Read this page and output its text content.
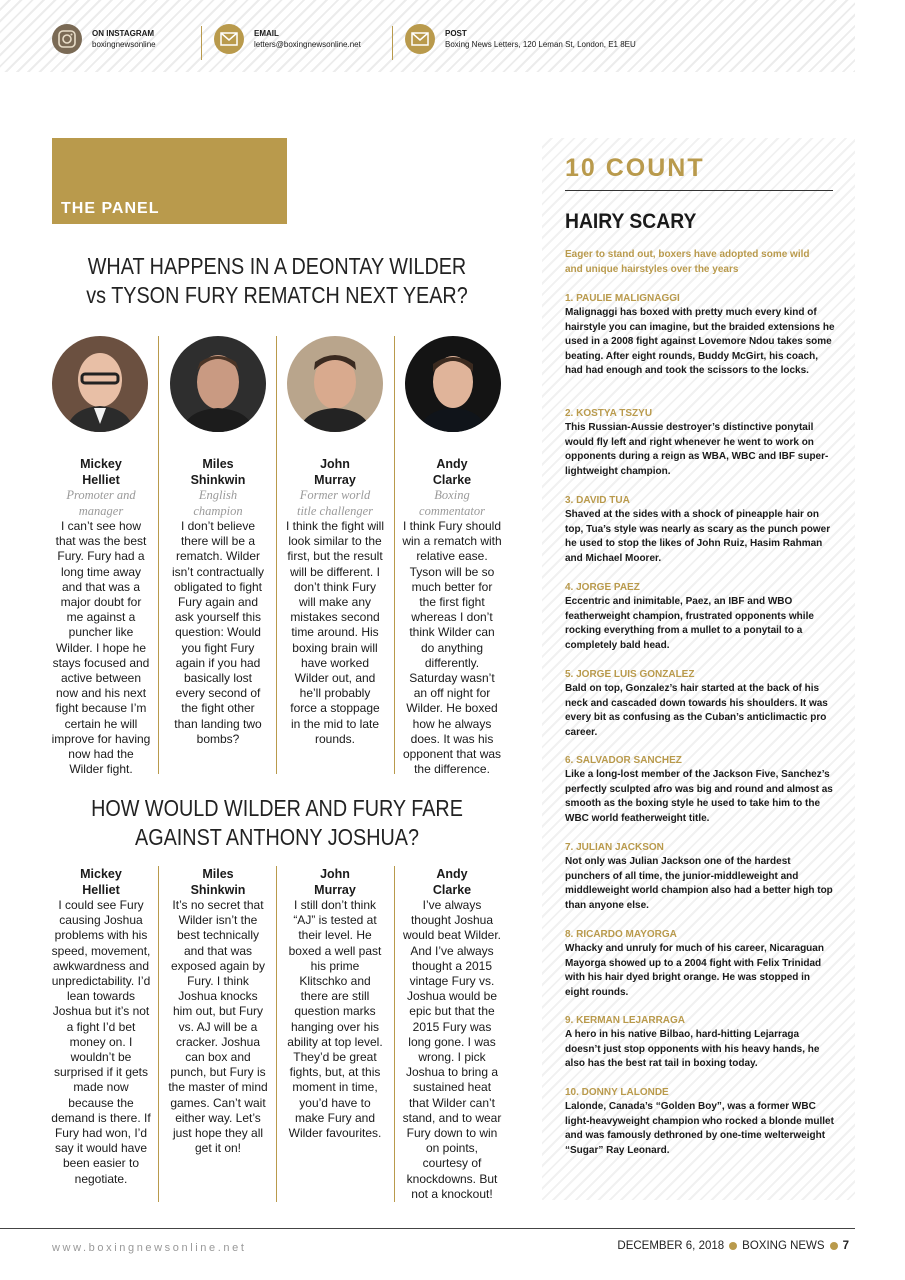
ON INSTAGRAM
boxingnewsonline
EMAIL
letters@boxingnewsonline.net
POST
Boxing News Letters, 120 Leman St, London, E1 8EU
THE PANEL
WHAT HAPPENS IN A DEONTAY WILDER
vs TYSON FURY REMATCH NEXT YEAR?
Mickey
Helliet
Promoter and
manager
I can’t see how that was the best Fury. Fury had a long time away and that was a major doubt for me against a puncher like Wilder. I hope he stays focused and active between now and his next fight because I’m certain he will improve for having now had the Wilder fight.
Miles
Shinkwin
English
champion
I don’t believe there will be a rematch. Wilder isn’t contractually obligated to fight Fury again and ask yourself this question: Would you fight Fury again if you had basically lost every second of the fight other than landing two bombs?
John
Murray
Former world
title challenger
I think the fight will look similar to the first, but the result will be different. I don’t think Fury will make any mistakes second time around. His boxing brain will have worked Wilder out, and he’ll probably force a stoppage in the mid to late rounds.
Andy
Clarke
Boxing
commentator
I think Fury should win a rematch with relative ease. Tyson will be so much better for the first fight whereas I don’t think Wilder can do anything differently. Saturday wasn’t an off night for Wilder. He boxed how he always does. It was his opponent that was the difference.
HOW WOULD WILDER AND FURY FARE
AGAINST ANTHONY JOSHUA?
Mickey
Helliet
I could see Fury causing Joshua problems with his speed, movement, awkwardness and unpredictability. I’d lean towards Joshua but it’s not a fight I’d bet money on. I wouldn’t be surprised if it gets made now because the demand is there. If Fury had won, I’d say it would have been easier to negotiate.
Miles
Shinkwin
It’s no secret that Wilder isn’t the best technically and that was exposed again by Fury. I think Joshua knocks him out, but Fury vs. AJ will be a cracker. Joshua can box and punch, but Fury is the master of mind games. Can’t wait either way. Let’s just hope they all get it on!
John
Murray
I still don’t think “AJ” is tested at their level. He boxed a well past his prime Klitschko and there are still question marks hanging over his ability at top level. They’d be great fights, but, at this moment in time, you’d have to make Fury and Wilder favourites.
Andy
Clarke
I’ve always thought Joshua would beat Wilder. And I’ve always thought a 2015 vintage Fury vs. Joshua would be epic but that the 2015 Fury was long gone. I was wrong. I pick Joshua to bring a sustained heat that Wilder can’t stand, and to wear Fury down to win on points, courtesy of knockdowns. But not a knockout!
10 COUNT
HAIRY SCARY
Eager to stand out, boxers have adopted some wild and unique hairstyles over the years
1. PAULIE MALIGNAGGI
Malignaggi has boxed with pretty much every kind of hairstyle you can imagine, but the braided extensions he used in a 2008 fight against Lovemore Ndou takes some beating. After eight rounds, Buddy McGirt, his coach, had had enough and took the scissors to the locks.
2. KOSTYA TSZYU
This Russian-Aussie destroyer’s distinctive ponytail would fly left and right whenever he went to work on opponents during a reign as WBA, WBC and IBF super-lightweight champion.
3. DAVID TUA
Shaved at the sides with a shock of pineapple hair on top, Tua’s style was nearly as scary as the punch power he used to stop the likes of John Ruiz, Hasim Rahman and Michael Moorer.
4. JORGE PAEZ
Eccentric and inimitable, Paez, an IBF and WBO featherweight champion, frustrated opponents while rocking everything from a mullet to a ponytail to a completely bald head.
5. JORGE LUIS GONZALEZ
Bald on top, Gonzalez’s hair started at the back of his neck and cascaded down towards his shoulders. It was every bit as confusing as the Cuban’s anticlimactic pro career.
6. SALVADOR SANCHEZ
Like a long-lost member of the Jackson Five, Sanchez’s perfectly sculpted afro was big and round and almost as smooth as the boxing style he used to take him to the WBC world featherweight title.
7. JULIAN JACKSON
Not only was Julian Jackson one of the hardest punchers of all time, the junior-middleweight and middleweight world champion also had a better high top than anyone else.
8. RICARDO MAYORGA
Whacky and unruly for much of his career, Nicaraguan Mayorga showed up to a 2004 fight with Felix Trinidad with his hair dyed bright orange. He was stopped in eight rounds.
9. KERMAN LEJARRAGA
A hero in his native Bilbao, hard-hitting Lejarraga doesn’t just stop opponents with his heavy hands, he also has the best rat tail in boxing today.
10. DONNY LALONDE
Lalonde, Canada’s “Golden Boy”, was a former WBC light-heavyweight champion who rocked a blonde mullet and was famously dethroned by one-time welterweight “Sugar” Ray Leonard.
www.boxingnewsonline.net	DECEMBER 6, 2018 BOXING NEWS 7
